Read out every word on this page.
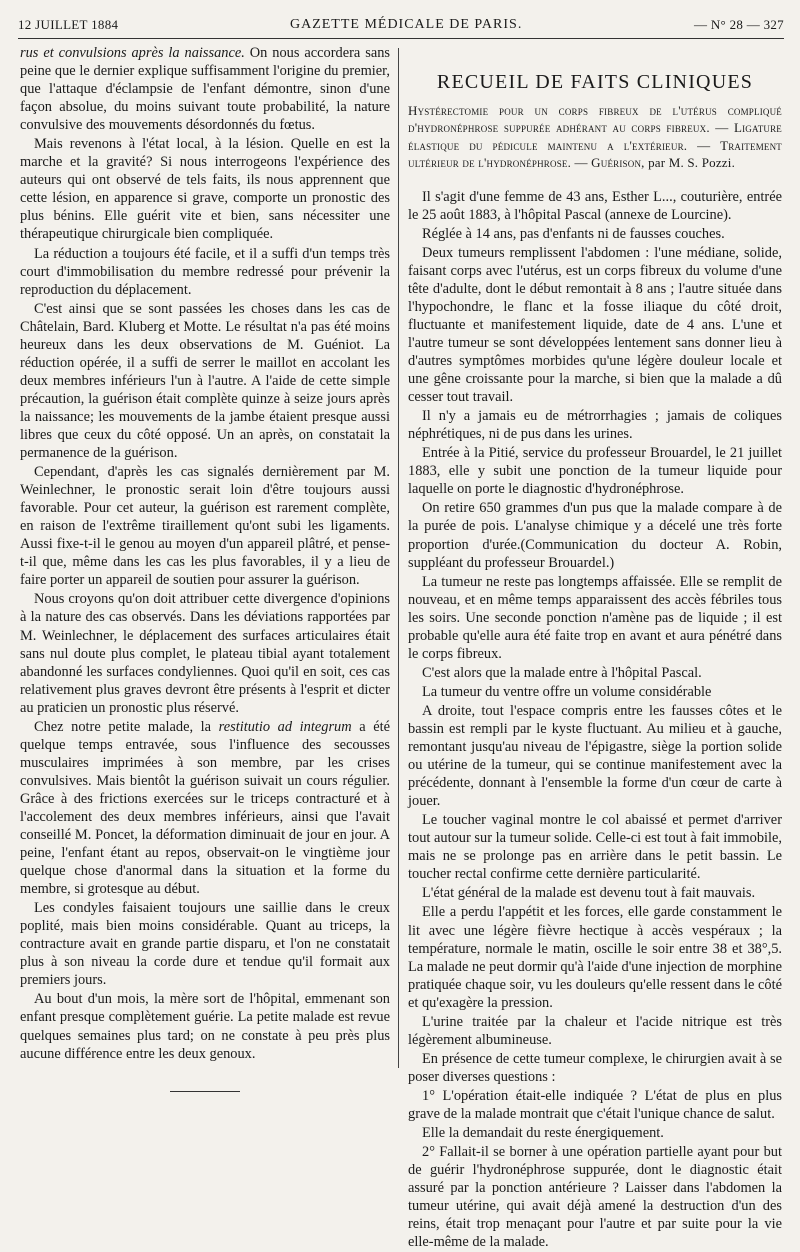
12 JUILLET 1884	GAZETTE MÉDICALE DE PARIS.	— N° 28 — 327

rus et convulsions après la naissance. On nous accordera sans peine que le dernier explique suffisamment l'origine du premier, que l'attaque d'éclampsie de l'enfant démontre, sinon d'une façon absolue, du moins suivant toute probabilité, la nature convulsive des mouvements désordonnés du fœtus.

Mais revenons à l'état local, à la lésion. Quelle en est la marche et la gravité? Si nous interrogeons l'expérience des auteurs qui ont observé de tels faits, ils nous apprennent que cette lésion, en apparence si grave, comporte un pronostic des plus bénins. Elle guérit vite et bien, sans nécessiter une thérapeutique chirurgicale bien compliquée.

La réduction a toujours été facile, et il a suffi d'un temps très court d'immobilisation du membre redressé pour prévenir la reproduction du déplacement.

C'est ainsi que se sont passées les choses dans les cas de Châtelain, Bard. Kluberg et Motte. Le résultat n'a pas été moins heureux dans les deux observations de M. Guéniot. La réduction opérée, il a suffi de serrer le maillot en accolant les deux membres inférieurs l'un à l'autre. A l'aide de cette simple précaution, la guérison était complète quinze à seize jours après la naissance; les mouvements de la jambe étaient presque aussi libres que ceux du côté opposé. Un an après, on constatait la permanence de la guérison.

Cependant, d'après les cas signalés dernièrement par M. Weinlechner, le pronostic serait loin d'être toujours aussi favorable. Pour cet auteur, la guérison est rarement complète, en raison de l'extrême tiraillement qu'ont subi les ligaments. Aussi fixe-t-il le genou au moyen d'un appareil plâtré, et pense-t-il que, même dans les cas les plus favorables, il y a lieu de faire porter un appareil de soutien pour assurer la guérison.

Nous croyons qu'on doit attribuer cette divergence d'opinions à la nature des cas observés. Dans les déviations rapportées par M. Weinlechner, le déplacement des surfaces articulaires était sans nul doute plus complet, le plateau tibial ayant totalement abandonné les surfaces condyliennes. Quoi qu'il en soit, ces cas relativement plus graves devront être présents à l'esprit et dicter au praticien un pronostic plus réservé.

Chez notre petite malade, la restitutio ad integrum a été quelque temps entravée, sous l'influence des secousses musculaires imprimées à son membre, par les crises convulsives. Mais bientôt la guérison suivait un cours régulier. Grâce à des frictions exercées sur le triceps contracturé et à l'accolement des deux membres inférieurs, ainsi que l'avait conseillé M. Poncet, la déformation diminuait de jour en jour. A peine, l'enfant étant au repos, observait-on le vingtième jour quelque chose d'anormal dans la situation et la forme du membre, si grotesque au début.

Les condyles faisaient toujours une saillie dans le creux poplité, mais bien moins considérable. Quant au triceps, la contracture avait en grande partie disparu, et l'on ne constatait plus à son niveau la corde dure et tendue qu'il formait aux premiers jours.

Au bout d'un mois, la mère sort de l'hôpital, emmenant son enfant presque complètement guérie. La petite malade est revue quelques semaines plus tard; on ne constate à peu près plus aucune différence entre les deux genoux.

RECUEIL DE FAITS CLINIQUES
Hystérectomie pour un corps fibreux de l'utérus compliqué d'hydronéphrose suppurée adhérant au corps fibreux. — Ligature élastique du pédicule maintenu a l'extérieur. — Traitement ultérieur de l'hydronéphrose. — Guérison, par M. S. Pozzi.

Il s'agit d'une femme de 43 ans, Esther L..., couturière, entrée le 25 août 1883, à l'hôpital Pascal (annexe de Lourcine).

Réglée à 14 ans, pas d'enfants ni de fausses couches.

Deux tumeurs remplissent l'abdomen : l'une médiane, solide, faisant corps avec l'utérus, est un corps fibreux du volume d'une tête d'adulte, dont le début remontait à 8 ans ; l'autre située dans l'hypochondre, le flanc et la fosse iliaque du côté droit, fluctuante et manifestement liquide, date de 4 ans. L'une et l'autre tumeur se sont développées lentement sans donner lieu à d'autres symptômes morbides qu'une légère douleur locale et une gêne croissante pour la marche, si bien que la malade a dû cesser tout travail.

Il n'y a jamais eu de métrorrhagies ; jamais de coliques néphrétiques, ni de pus dans les urines.

Entrée à la Pitié, service du professeur Brouardel, le 21 juillet 1883, elle y subit une ponction de la tumeur liquide pour laquelle on porte le diagnostic d'hydronéphrose.

On retire 650 grammes d'un pus que la malade compare à de la purée de pois. L'analyse chimique y a décelé une très forte proportion d'urée.(Communication du docteur A. Robin, suppléant du professeur Brouardel.)

La tumeur ne reste pas longtemps affaissée. Elle se remplit de nouveau, et en même temps apparaissent des accès fébriles tous les soirs. Une seconde ponction n'amène pas de liquide ; il est probable qu'elle aura été faite trop en avant et aura pénétré dans le corps fibreux.

C'est alors que la malade entre à l'hôpital Pascal.

La tumeur du ventre offre un volume considérable

A droite, tout l'espace compris entre les fausses côtes et le bassin est rempli par le kyste fluctuant. Au milieu et à gauche, remontant jusqu'au niveau de l'épigastre, siège la portion solide ou utérine de la tumeur, qui se continue manifestement avec la précédente, donnant à l'ensemble la forme d'un cœur de carte à jouer.

Le toucher vaginal montre le col abaissé et permet d'arriver tout autour sur la tumeur solide. Celle-ci est tout à fait immobile, mais ne se prolonge pas en arrière dans le petit bassin. Le toucher rectal confirme cette dernière particularité.

L'état général de la malade est devenu tout à fait mauvais.

Elle a perdu l'appétit et les forces, elle garde constamment le lit avec une légère fièvre hectique à accès vespéraux ; la température, normale le matin, oscille le soir entre 38 et 38°,5. La malade ne peut dormir qu'à l'aide d'une injection de morphine pratiquée chaque soir, vu les douleurs qu'elle ressent dans le côté et qu'exagère la pression.

L'urine traitée par la chaleur et l'acide nitrique est très légèrement albumineuse.

En présence de cette tumeur complexe, le chirurgien avait à se poser diverses questions :

1° L'opération était-elle indiquée ? L'état de plus en plus grave de la malade montrait que c'était l'unique chance de salut.

Elle la demandait du reste énergiquement.

2° Fallait-il se borner à une opération partielle ayant pour but de guérir l'hydronéphrose suppurée, dont le diagnostic était assuré par la ponction antérieure ? Laisser dans l'abdomen la tumeur utérine, qui avait déjà amené la destruction d'un des reins, était trop menaçant pour l'autre et par suite pour la vie elle-même de la malade.
